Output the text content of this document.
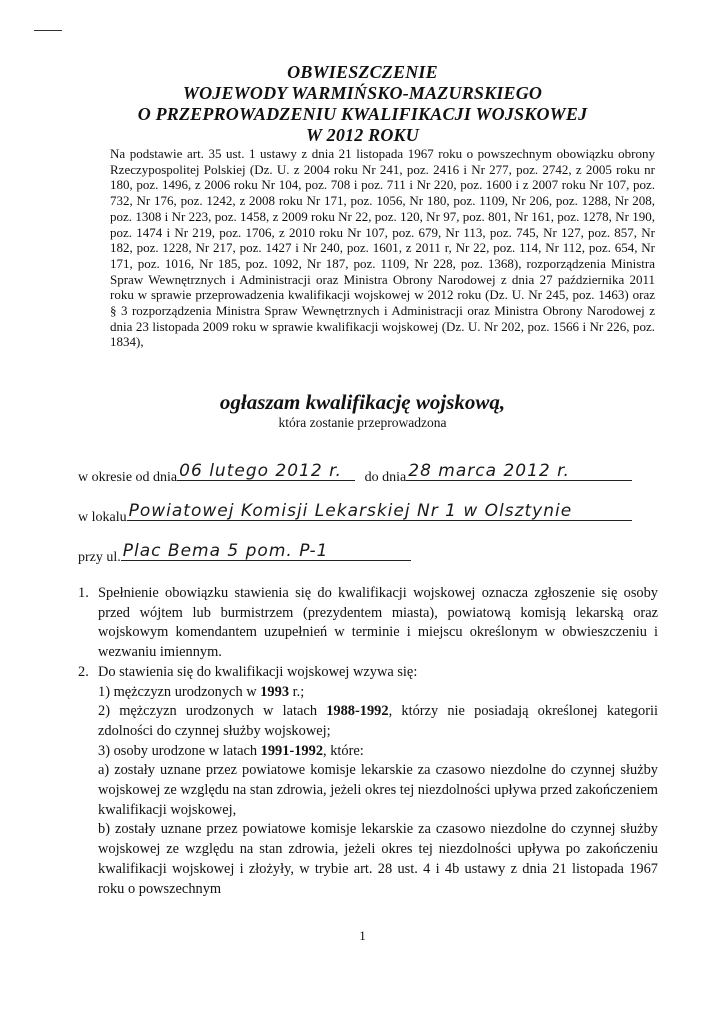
OBWIESZCZENIE
WOJEWODY WARMIŃSKO-MAZURSKIEGO
O PRZEPROWADZENIU KWALIFIKACJI WOJSKOWEJ
W 2012 ROKU

Na podstawie art. 35 ust. 1 ustawy z dnia 21 listopada 1967 roku o powszechnym obowiązku obrony Rzeczypospolitej Polskiej (Dz. U. z 2004 roku Nr 241, poz. 2416 i Nr 277, poz. 2742, z 2005 roku nr 180, poz. 1496, z 2006 roku Nr 104, poz. 708 i poz. 711 i Nr 220, poz. 1600 i z 2007 roku Nr 107, poz. 732, Nr 176, poz. 1242, z 2008 roku Nr 171, poz. 1056, Nr 180, poz. 1109, Nr 206, poz. 1288, Nr 208, poz. 1308 i Nr 223, poz. 1458, z 2009 roku Nr 22, poz. 120, Nr 97, poz. 801, Nr 161, poz. 1278, Nr 190, poz. 1474 i Nr 219, poz. 1706, z 2010 roku Nr 107, poz. 679, Nr 113, poz. 745, Nr 127, poz. 857, Nr 182, poz. 1228, Nr 217, poz. 1427 i Nr 240, poz. 1601, z 2011 r, Nr 22, poz. 114, Nr 112, poz. 654, Nr 171, poz. 1016, Nr 185, poz. 1092, Nr 187, poz. 1109, Nr 228, poz. 1368), rozporządzenia Ministra Spraw Wewnętrznych i Administracji oraz Ministra Obrony Narodowej z dnia 27 października 2011 roku w sprawie przeprowadzenia kwalifikacji wojskowej w 2012 roku (Dz. U. Nr 245, poz. 1463) oraz § 3 rozporządzenia Ministra Spraw Wewnętrznych i Administracji oraz Ministra Obrony Narodowej z dnia 23 listopada 2009 roku w sprawie kwalifikacji wojskowej (Dz. U. Nr 202, poz. 1566 i Nr 226, poz. 1834),

ogłaszam kwalifikację wojskową,
która zostanie przeprowadzona
w okresie od dnia 06 lutego 2012 r. do dnia 28 marca 2012 r.
w lokalu Powiatowej Komisji Lekarskiej Nr 1 w Olsztynie
przy ul. Plac Bema 5 pom. P-1
1. Spełnienie obowiązku stawienia się do kwalifikacji wojskowej oznacza zgłoszenie się osoby przed wójtem lub burmistrzem (prezydentem miasta), powiatową komisją lekarską oraz wojskowym komendantem uzupełnień w terminie i miejscu określonym w obwieszczeniu i wezwaniu imiennym.

2. Do stawienia się do kwalifikacji wojskowej wzywa się:

1) mężczyzn urodzonych w 1993 r.;

2) mężczyzn urodzonych w latach 1988-1992, którzy nie posiadają określonej kategorii zdolności do czynnej służby wojskowej;

3) osoby urodzone w latach 1991-1992, które:

a) zostały uznane przez powiatowe komisje lekarskie za czasowo niezdolne do czynnej służby wojskowej ze względu na stan zdrowia, jeżeli okres tej niezdolności upływa przed zakończeniem kwalifikacji wojskowej,

b) zostały uznane przez powiatowe komisje lekarskie za czasowo niezdolne do czynnej służby wojskowej ze względu na stan zdrowia, jeżeli okres tej niezdolności upływa po zakończeniu kwalifikacji wojskowej i złożyły, w trybie art. 28 ust. 4 i 4b ustawy z dnia 21 listopada 1967 roku o powszechnym

1
